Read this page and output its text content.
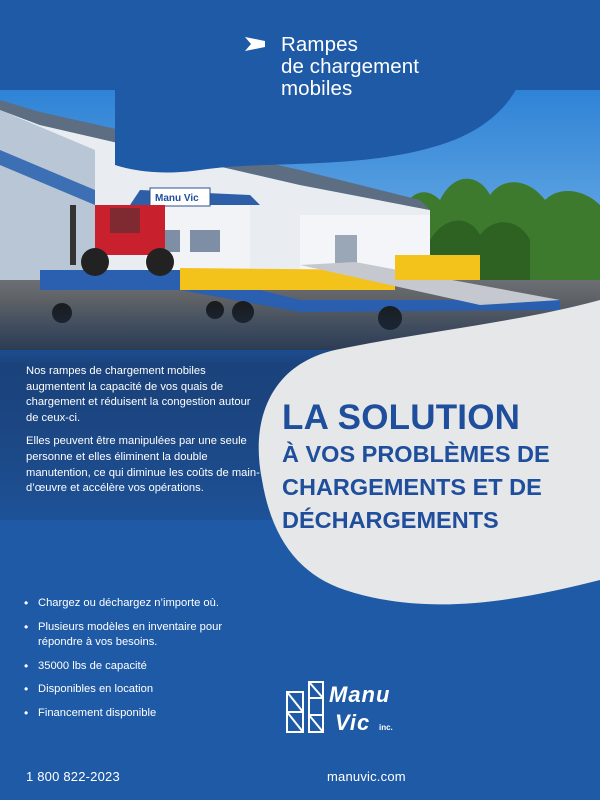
Manu Vic
Rampes
de chargement
mobiles

Nos rampes de chargement mobiles augmentent la capacité de vos quais de chargement et réduisent la congestion autour de ceux-ci.

Elles peuvent être manipulées par une seule personne et elles éliminent la double manutention, ce qui diminue les coûts de main-d’œuvre et accélère vos opérations.

LA SOLUTION
À VOS PROBLÈMES DE
CHARGEMENTS ET DE
DÉCHARGEMENTS
• Chargez ou déchargez n’importe où.
• Plusieurs modèles en inventaire pour répondre à vos besoins.
• 35000 lbs de capacité
• Disponibles en location
• Financement disponible
Manu
Vic inc.
1 800 822-2023	manuvic.com
